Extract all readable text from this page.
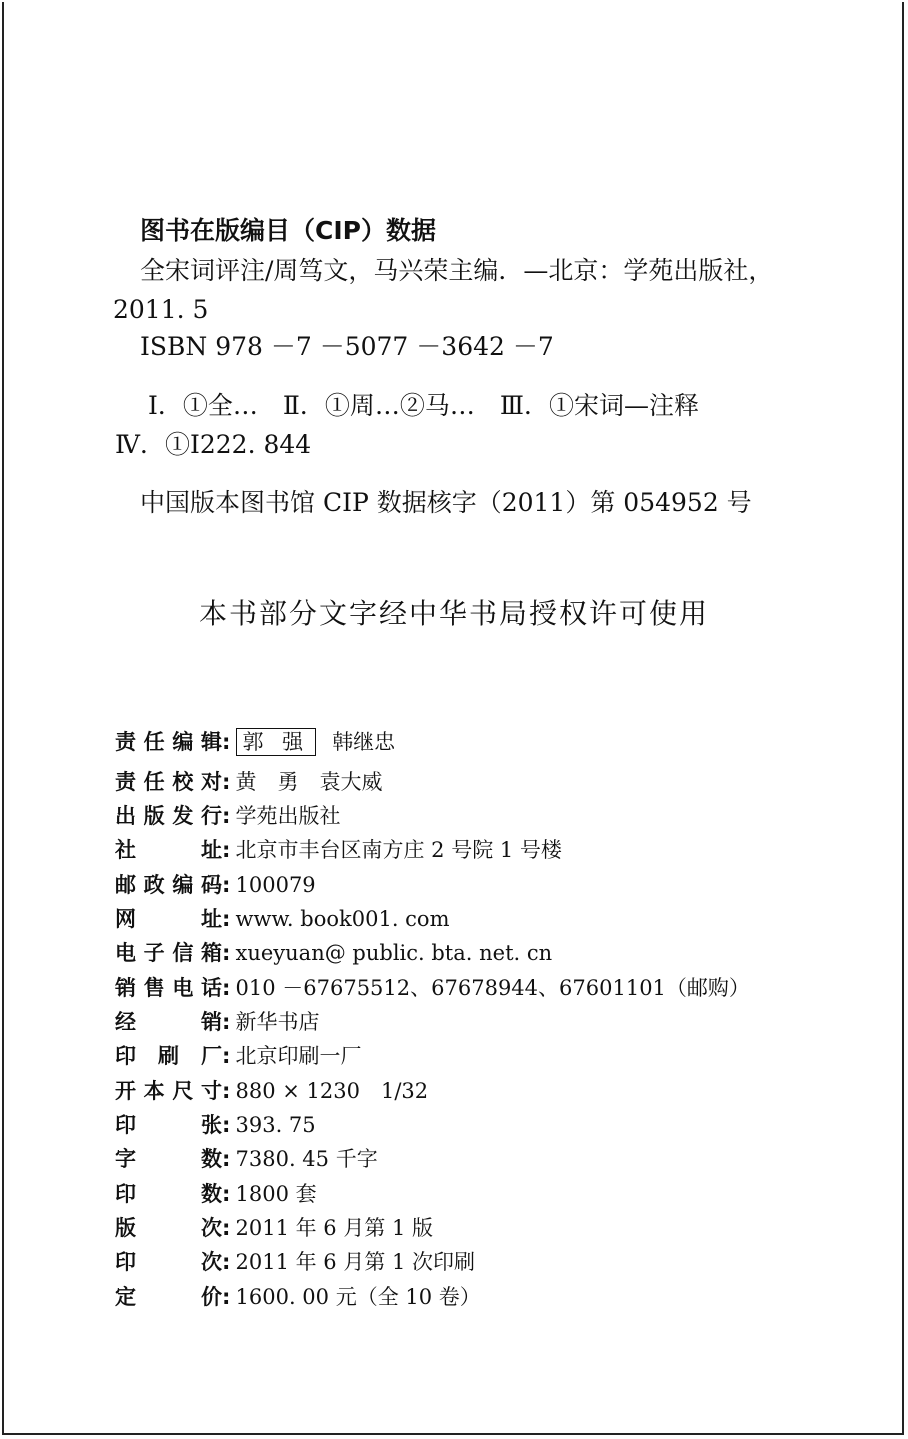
图书在版编目（CIP）数据
全宋词评注/周笃文，马兴荣主编．—北京：学苑出版社，
2011. 5
ISBN 978 －7 －5077 －3642 －7
Ⅰ．①全…　Ⅱ．①周…②马…　Ⅲ．①宋词—注释
Ⅳ．①I222. 844
中国版本图书馆 CIP 数据核字（2011）第 054952 号
本书部分文字经中华书局授权许可使用
责任编辑: 郭 强 韩继忠
责任校对: 黄　勇　袁大威
出版发行: 学苑出版社
社址: 北京市丰台区南方庄 2 号院 1 号楼
邮政编码: 100079
网址: www. book001. com
电子信箱: xueyuan@ public. bta. net. cn
销售电话: 010 －67675512、67678944、67601101（邮购）
经销: 新华书店
印刷厂: 北京印刷一厂
开本尺寸: 880 × 1230　1/32
印张: 393. 75
字数: 7380. 45 千字
印数: 1800 套
版次: 2011 年 6 月第 1 版
印次: 2011 年 6 月第 1 次印刷
定价: 1600. 00 元（全 10 卷）
